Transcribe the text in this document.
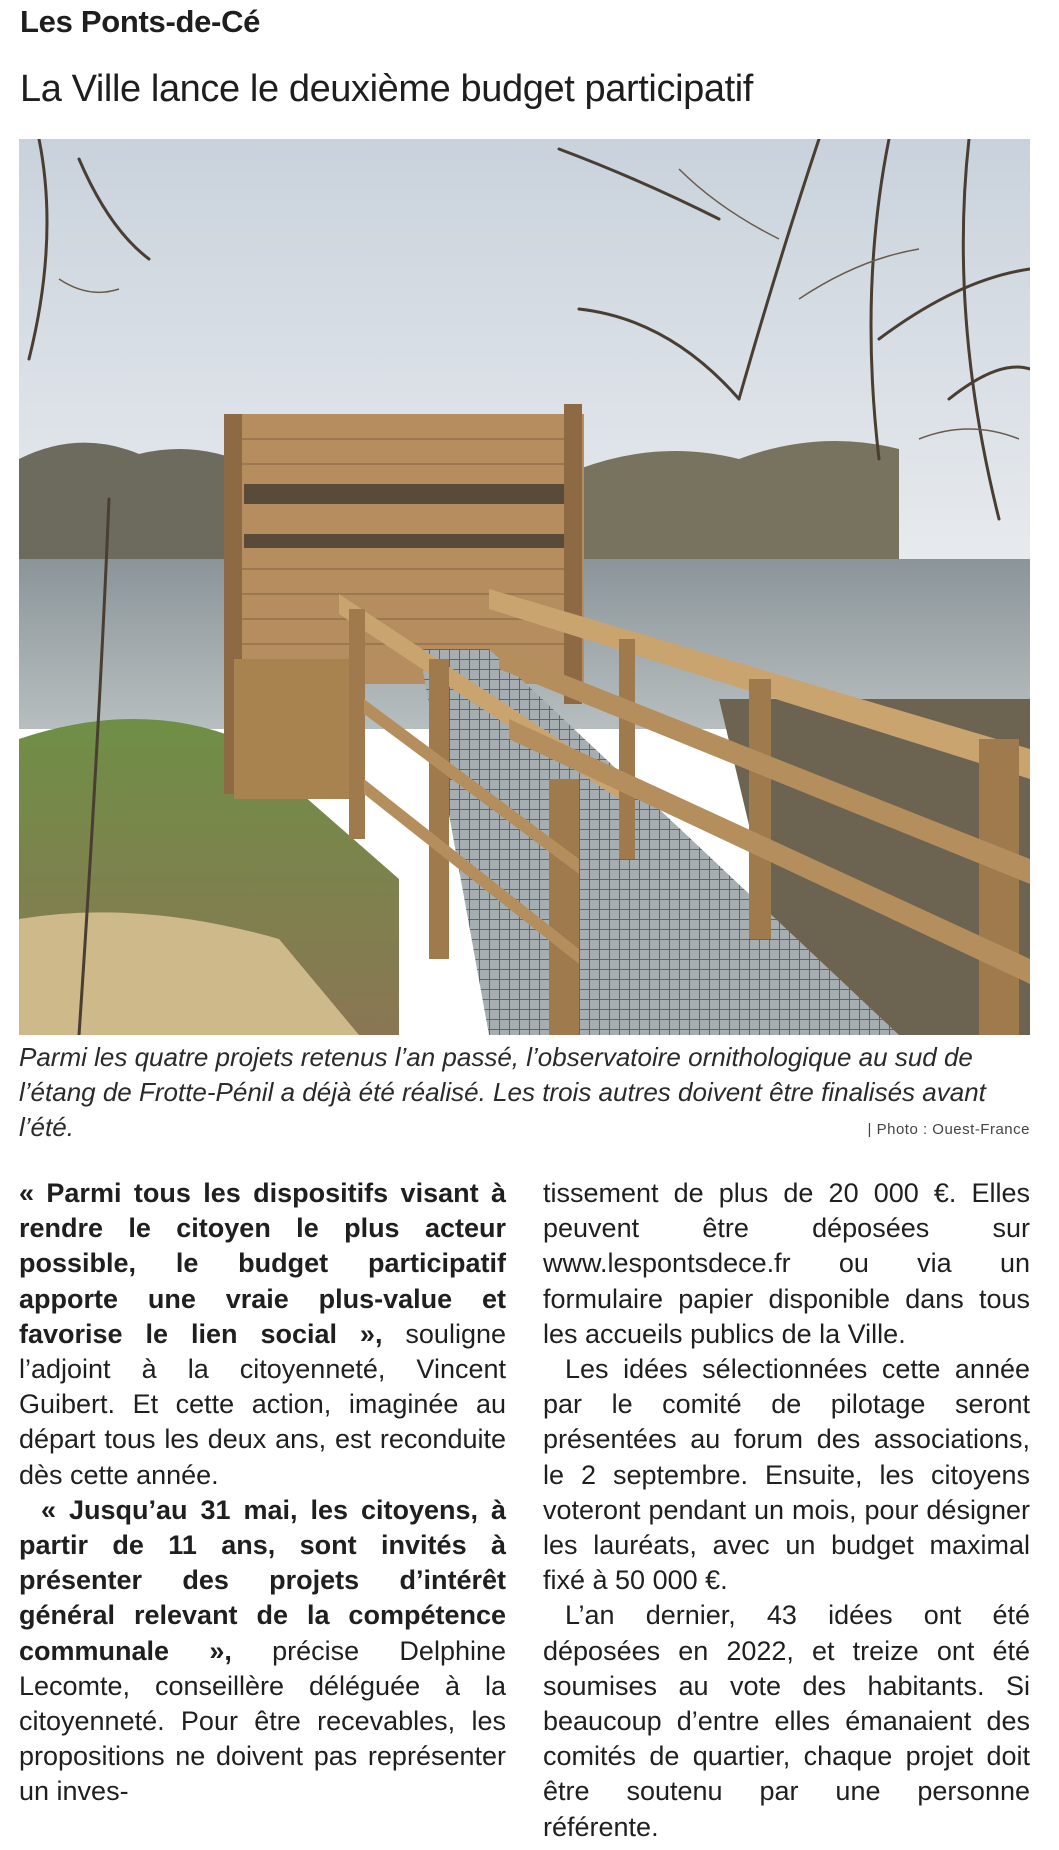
Les Ponts-de-Cé
La Ville lance le deuxième budget participatif

Parmi les quatre projets retenus l’an passé, l’observatoire ornithologique au sud de l’étang de Frotte-Pénil a déjà été réalisé. Les trois autres doivent être finalisés avant l’été.	| Photo : Ouest-France

« Parmi tous les dispositifs visant à rendre le citoyen le plus acteur possible, le budget participatif apporte une vraie plus-value et favorise le lien social », souligne l’adjoint à la citoyenneté, Vincent Guibert. Et cette action, imaginée au départ tous les deux ans, est reconduite dès cette année.

« Jusqu’au 31 mai, les citoyens, à partir de 11 ans, sont invités à présenter des projets d’intérêt général relevant de la compétence communale », précise Delphine Lecomte, conseillère déléguée à la citoyenneté. Pour être recevables, les propositions ne doivent pas représenter un inves-

tissement de plus de 20 000 €. Elles peuvent être déposées sur www.lespontsdece.fr ou via un formulaire papier disponible dans tous les accueils publics de la Ville.

Les idées sélectionnées cette année par le comité de pilotage seront présentées au forum des associations, le 2 septembre. Ensuite, les citoyens voteront pendant un mois, pour désigner les lauréats, avec un budget maximal fixé à 50 000 €.

L’an dernier, 43 idées ont été déposées en 2022, et treize ont été soumises au vote des habitants. Si beaucoup d’entre elles émanaient des comités de quartier, chaque projet doit être soutenu par une personne référente.
